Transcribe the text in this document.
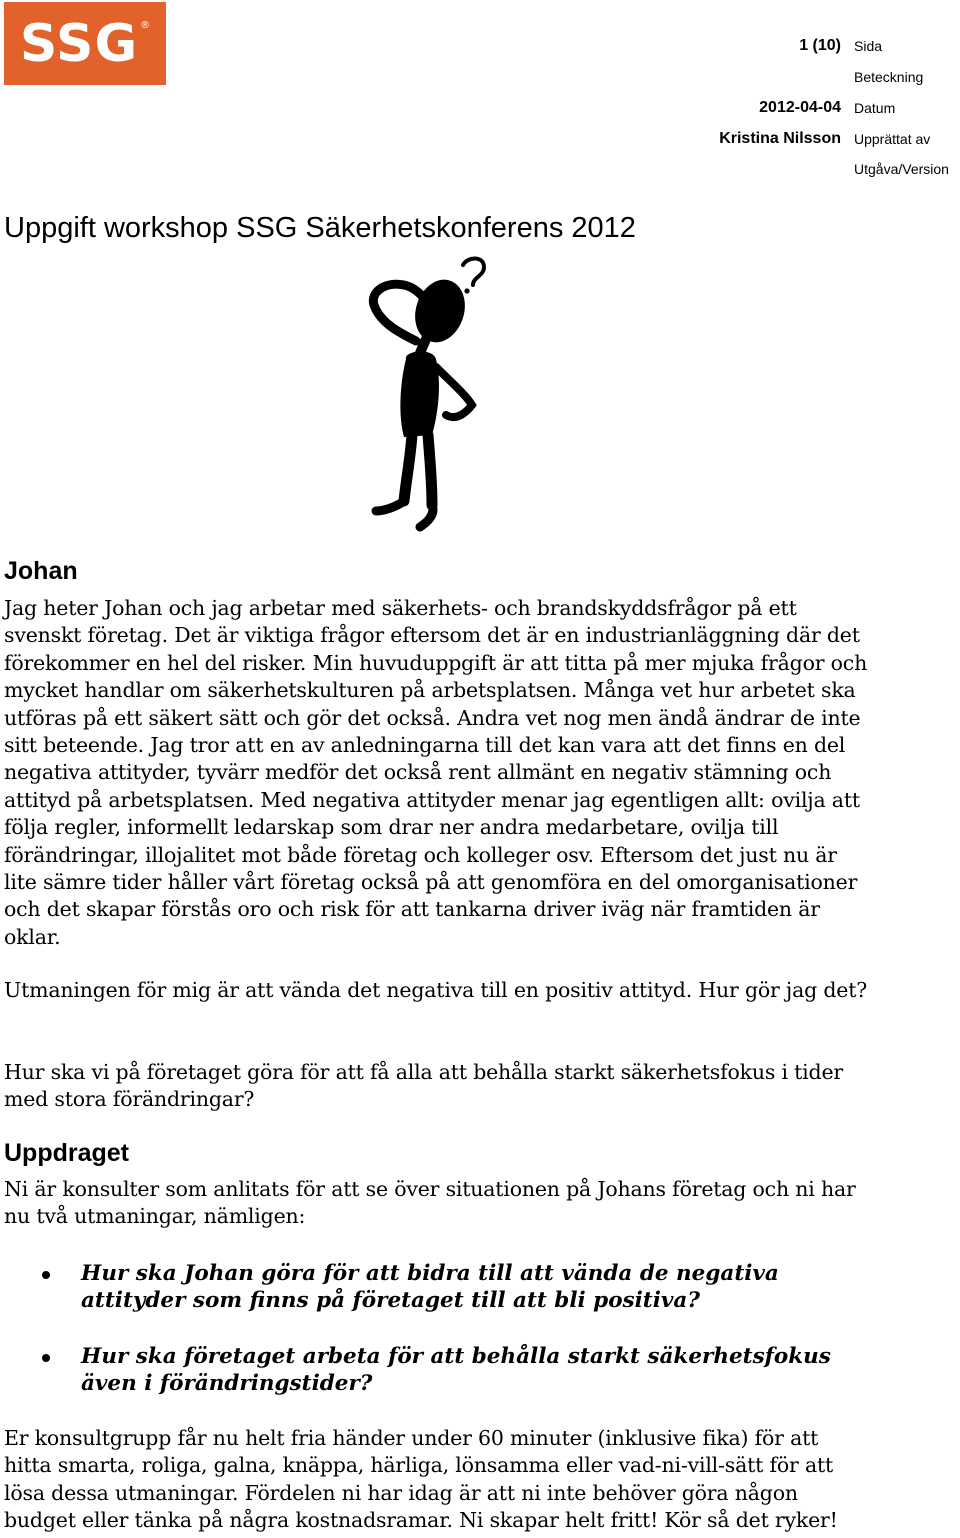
SSG ®
1 (10) Sida
Beteckning
2012-04-04 Datum
Kristina Nilsson Upprättat av
Utgåva/Version
Uppgift workshop SSG Säkerhetskonferens 2012
Johan

Jag heter Johan och jag arbetar med säkerhets- och brandskyddsfrågor på ett svenskt företag. Det är viktiga frågor eftersom det är en industrianläggning där det förekommer en hel del risker. Min huvuduppgift är att titta på mer mjuka frågor och mycket handlar om säkerhetskulturen på arbetsplatsen. Många vet hur arbetet ska utföras på ett säkert sätt och gör det också. Andra vet nog men ändå ändrar de inte sitt beteende. Jag tror att en av anledningarna till det kan vara att det finns en del negativa attityder, tyvärr medför det också rent allmänt en negativ stämning och attityd på arbetsplatsen. Med negativa attityder menar jag egentligen allt: ovilja att följa regler, informellt ledarskap som drar ner andra medarbetare, ovilja till förändringar, illojalitet mot både företag och kolleger osv. Eftersom det just nu är lite sämre tider håller vårt företag också på att genomföra en del omorganisationer och det skapar förstås oro och risk för att tankarna driver iväg när framtiden är oklar.

Utmaningen för mig är att vända det negativa till en positiv attityd. Hur gör jag det?

Hur ska vi på företaget göra för att få alla att behålla starkt säkerhetsfokus i tider med stora förändringar?

Uppdraget

Ni är konsulter som anlitats för att se över situationen på Johans företag och ni har nu två utmaningar, nämligen:

Hur ska Johan göra för att bidra till att vända de negativa attityder som finns på företaget till att bli positiva?
Hur ska företaget arbeta för att behålla starkt säkerhetsfokus även i förändringstider?

Er konsultgrupp får nu helt fria händer under 60 minuter (inklusive fika) för att hitta smarta, roliga, galna, knäppa, härliga, lönsamma eller vad-ni-vill-sätt för att lösa dessa utmaningar. Fördelen ni har idag är att ni inte behöver göra någon budget eller tänka på några kostnadsramar. Ni skapar helt fritt! Kör så det ryker!
